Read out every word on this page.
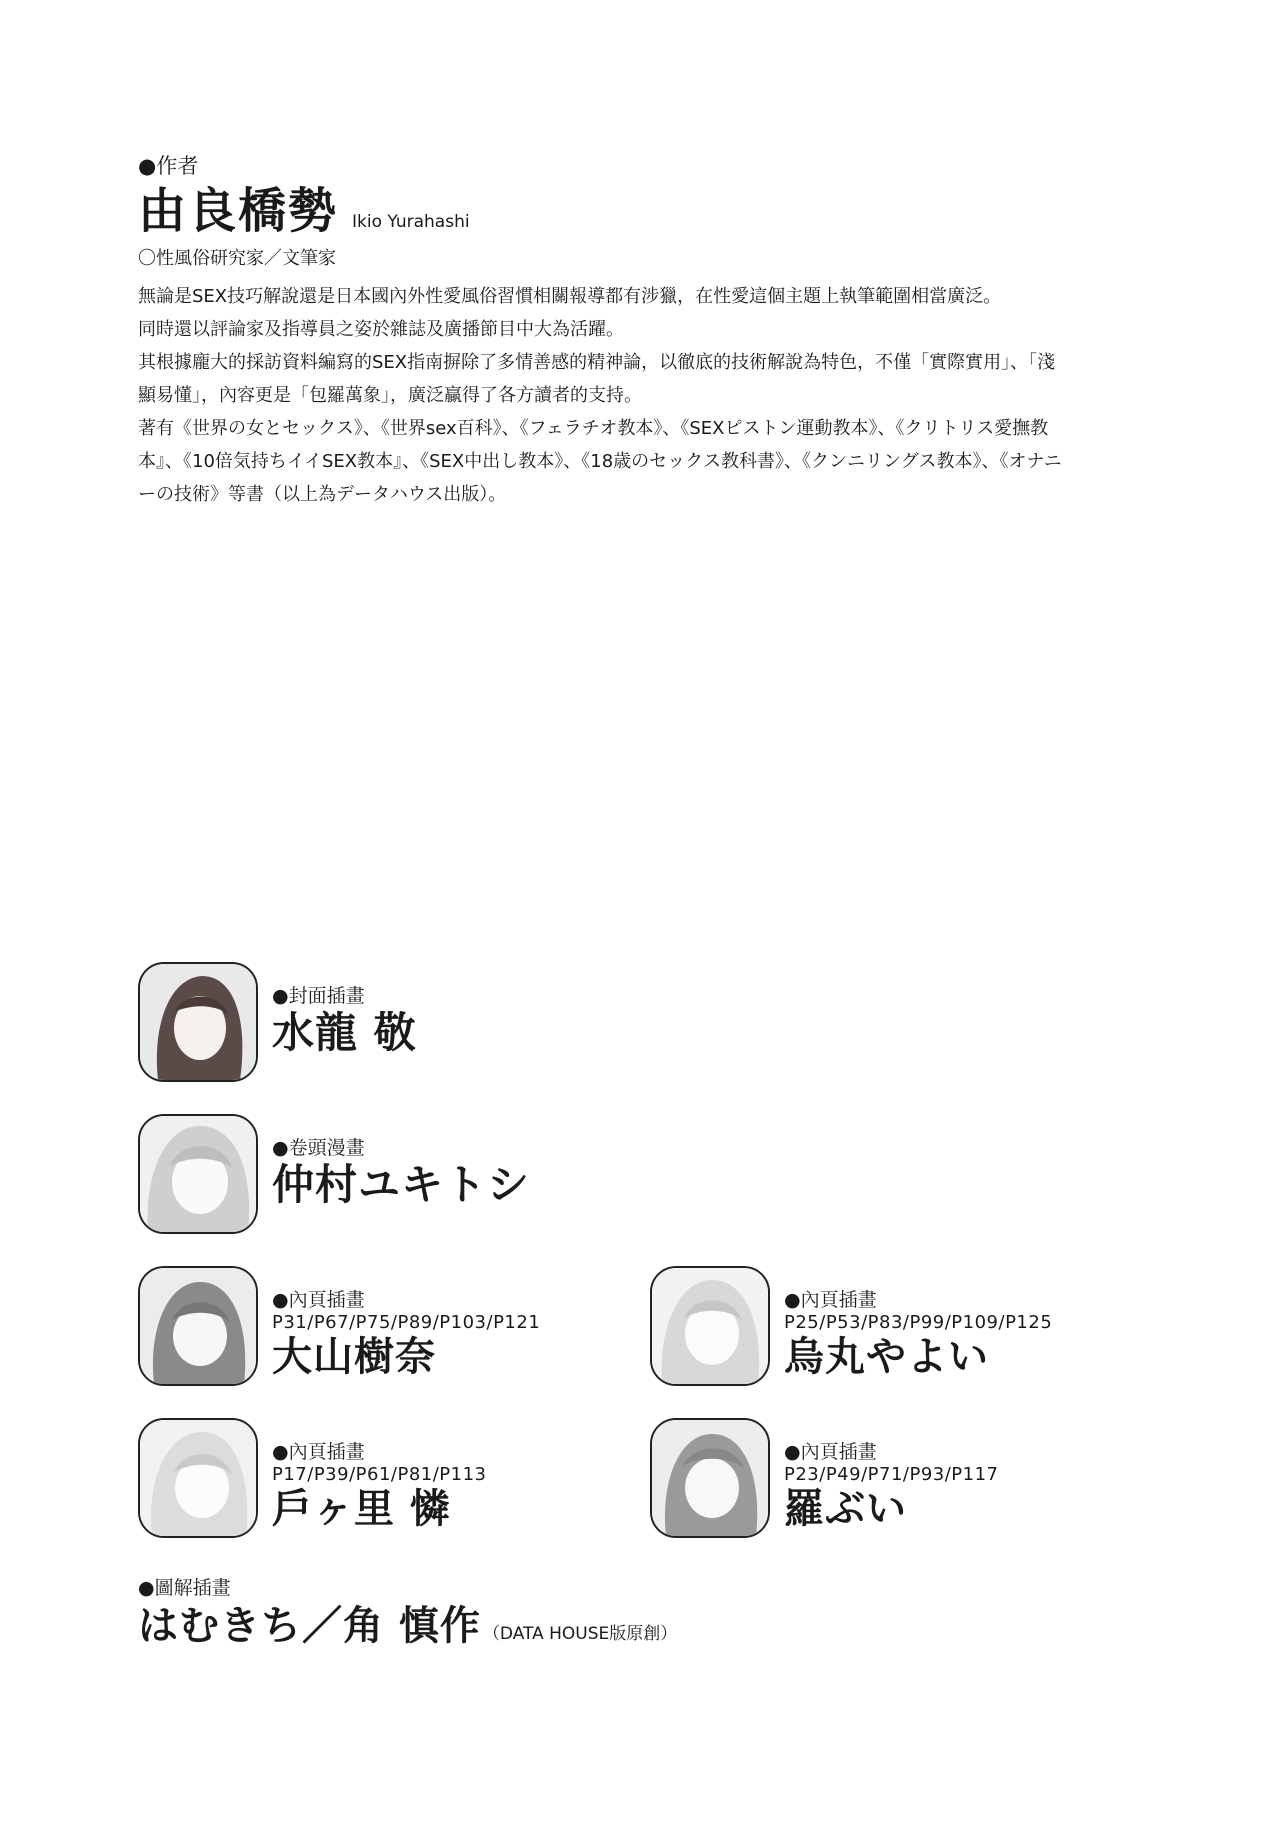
●作者
由良橋勢 Ikio Yurahashi
〇性風俗研究家／文筆家

無論是SEX技巧解說還是日本國內外性愛風俗習慣相關報導都有涉獵，在性愛這個主題上執筆範圍相當廣泛。

同時還以評論家及指導員之姿於雜誌及廣播節目中大為活躍。

其根據龐大的採訪資料編寫的SEX指南摒除了多情善感的精神論，以徹底的技術解說為特色，不僅「實際實用」、「淺顯易懂」，內容更是「包羅萬象」，廣泛贏得了各方讀者的支持。

著有《世界の女とセックス》、《世界sex百科》、《フェラチオ教本》、《SEXピストン運動教本》、《クリトリス愛撫教本』、《10倍気持ちイイSEX教本』、《SEX中出し教本》、《18歳のセックス教科書》、《クンニリングス教本》、《オナニーの技術》等書（以上為データハウス出版）。

●封面插畫
水龍 敬
●卷頭漫畫
仲村ユキトシ
●內頁插畫
P31/P67/P75/P89/P103/P121
大山樹奈
●內頁插畫
P25/P53/P83/P99/P109/P125
烏丸やよい
●內頁插畫
P17/P39/P61/P81/P113
戶ヶ里 憐
●內頁插畫
P23/P49/P71/P93/P117
羅ぶい
●圖解插畫
はむきち／角 慎作 （DATA HOUSE版原創）
